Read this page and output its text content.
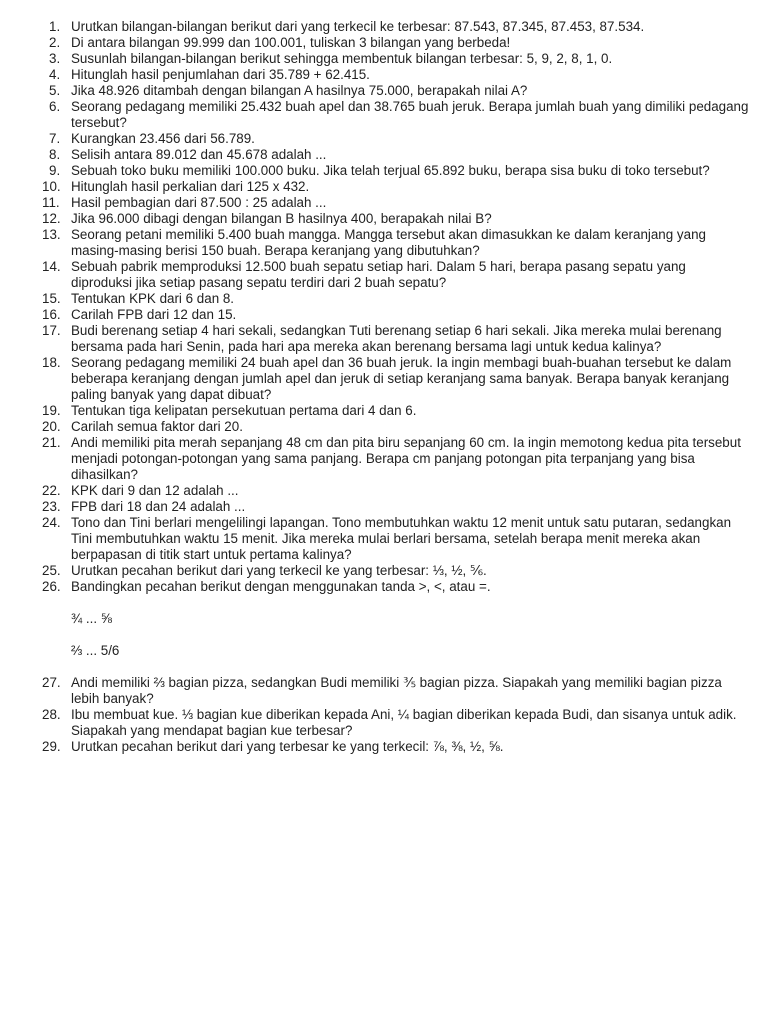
1. Urutkan bilangan-bilangan berikut dari yang terkecil ke terbesar: 87.543, 87.345, 87.453, 87.534.
2. Di antara bilangan 99.999 dan 100.001, tuliskan 3 bilangan yang berbeda!
3. Susunlah bilangan-bilangan berikut sehingga membentuk bilangan terbesar: 5, 9, 2, 8, 1, 0.
4. Hitunglah hasil penjumlahan dari 35.789 + 62.415.
5. Jika 48.926 ditambah dengan bilangan A hasilnya 75.000, berapakah nilai A?
6. Seorang pedagang memiliki 25.432 buah apel dan 38.765 buah jeruk. Berapa jumlah buah yang dimiliki pedagang tersebut?
7. Kurangkan 23.456 dari 56.789.
8. Selisih antara 89.012 dan 45.678 adalah ...
9. Sebuah toko buku memiliki 100.000 buku. Jika telah terjual 65.892 buku, berapa sisa buku di toko tersebut?
10. Hitunglah hasil perkalian dari 125 x 432.
11. Hasil pembagian dari 87.500 : 25 adalah ...
12. Jika 96.000 dibagi dengan bilangan B hasilnya 400, berapakah nilai B?
13. Seorang petani memiliki 5.400 buah mangga. Mangga tersebut akan dimasukkan ke dalam keranjang yang masing-masing berisi 150 buah. Berapa keranjang yang dibutuhkan?
14. Sebuah pabrik memproduksi 12.500 buah sepatu setiap hari. Dalam 5 hari, berapa pasang sepatu yang diproduksi jika setiap pasang sepatu terdiri dari 2 buah sepatu?
15. Tentukan KPK dari 6 dan 8.
16. Carilah FPB dari 12 dan 15.
17. Budi berenang setiap 4 hari sekali, sedangkan Tuti berenang setiap 6 hari sekali. Jika mereka mulai berenang bersama pada hari Senin, pada hari apa mereka akan berenang bersama lagi untuk kedua kalinya?
18. Seorang pedagang memiliki 24 buah apel dan 36 buah jeruk. Ia ingin membagi buah-buahan tersebut ke dalam beberapa keranjang dengan jumlah apel dan jeruk di setiap keranjang sama banyak. Berapa banyak keranjang paling banyak yang dapat dibuat?
19. Tentukan tiga kelipatan persekutuan pertama dari 4 dan 6.
20. Carilah semua faktor dari 20.
21. Andi memiliki pita merah sepanjang 48 cm dan pita biru sepanjang 60 cm. Ia ingin memotong kedua pita tersebut menjadi potongan-potongan yang sama panjang. Berapa cm panjang potongan pita terpanjang yang bisa dihasilkan?
22. KPK dari 9 dan 12 adalah ...
23. FPB dari 18 dan 24 adalah ...
24. Tono dan Tini berlari mengelilingi lapangan. Tono membutuhkan waktu 12 menit untuk satu putaran, sedangkan Tini membutuhkan waktu 15 menit. Jika mereka mulai berlari bersama, setelah berapa menit mereka akan berpapasan di titik start untuk pertama kalinya?
25. Urutkan pecahan berikut dari yang terkecil ke yang terbesar: ⅓, ½, ⅚.
26. Bandingkan pecahan berikut dengan menggunakan tanda >, <, atau =.
¾ ... ⅝
⅔ ... 5/6
27. Andi memiliki ⅔ bagian pizza, sedangkan Budi memiliki ⅗ bagian pizza. Siapakah yang memiliki bagian pizza lebih banyak?
28. Ibu membuat kue. ⅓ bagian kue diberikan kepada Ani, ¼ bagian diberikan kepada Budi, dan sisanya untuk adik. Siapakah yang mendapat bagian kue terbesar?
29. Urutkan pecahan berikut dari yang terbesar ke yang terkecil: ⅞, ⅜, ½, ⅝.
